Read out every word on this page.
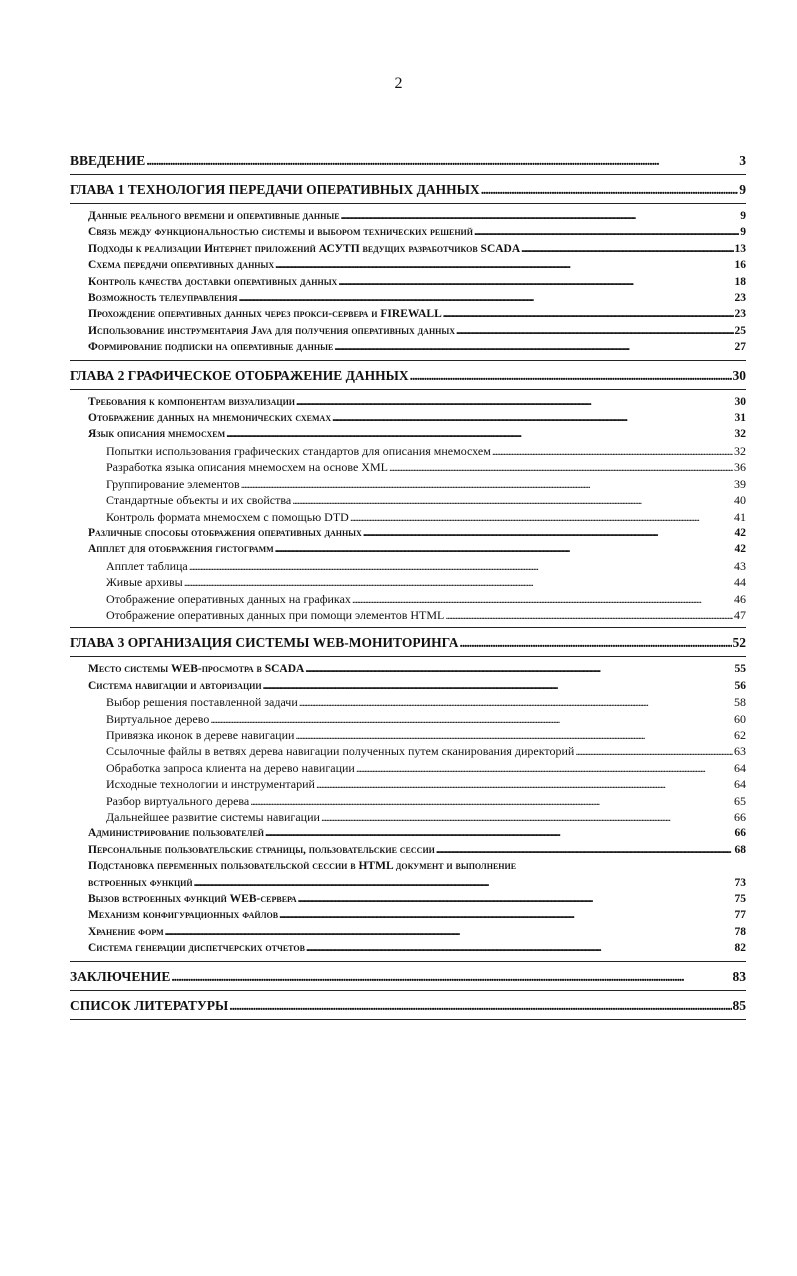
2
ВВЕДЕНИЕ . . .	3
ГЛАВА 1 ТЕХНОЛОГИЯ ПЕРЕДАЧИ ОПЕРАТИВНЫХ ДАННЫХ . . .	9
Данные реального времени и оперативные данные . . .	9
Связь между функциональностью системы и выбором технических решений . . .	9
Подходы к реализации Интернет приложений АСУТП ведущих разработчиков SCADA . . .	13
Схема передачи оперативных данных . . .	16
Контроль качества доставки оперативных данных . . .	18
Возможность телеуправления . . .	23
Прохождение оперативных данных через прокси-сервера и FIREWALL . . .	23
Использование инструментария Java для получения оперативных данных . . .	25
Формирование подписки на оперативные данные . . .	27
ГЛАВА 2 ГРАФИЧЕСКОЕ ОТОБРАЖЕНИЕ ДАННЫХ . . .	30
Требования к компонентам визуализации . . .	30
Отображение данных на мнемонических схемах . . .	31
Язык описания мнемосхем . . .	32
Попытки использования графических стандартов для описания мнемосхем . . .	32
Разработка языка описания мнемосхем на основе XML . . .	36
Группирование элементов . . .	39
Стандартные объекты и их свойства . . .	40
Контроль формата мнемосхем с помощью DTD . . .	41
Различные способы отображения оперативных данных . . .	42
Апплет для отображения гистограмм . . .	42
Апплет таблица . . .	43
Живые архивы . . .	44
Отображение оперативных данных на графиках . . .	46
Отображение оперативных данных при помощи элементов HTML . . .	47
ГЛАВА 3 ОРГАНИЗАЦИЯ СИСТЕМЫ WEB-МОНИТОРИНГА . . .	52
Место системы WEB-просмотра в SCADA . . .	55
Система навигации и авторизации . . .	56
Выбор решения поставленной задачи . . .	58
Виртуальное дерево . . .	60
Привязка иконок в дереве навигации . . .	62
Ссылочные файлы в ветвях дерева навигации полученных путем сканирования директорий . . .	63
Обработка запроса клиента на дерево навигации . . .	64
Исходные технологии и инструментарий . . .	64
Разбор виртуального дерева . . .	65
Дальнейшее развитие системы навигации . . .	66
Администрирование пользователей . . .	66
Персональные пользовательские страницы, пользовательские сессии . . .	68
Подстановка переменных пользовательской сессии в HTML документ и выполнение
встроенных функций . . .	73
Вызов встроенных функций WEB-сервера . . .	75
Механизм конфигурационных файлов . . .	77
Хранение форм . . .	78
Система генерации диспетчерских отчетов . . .	82
ЗАКЛЮЧЕНИЕ . . .	83
СПИСОК ЛИТЕРАТУРЫ . . .	85
